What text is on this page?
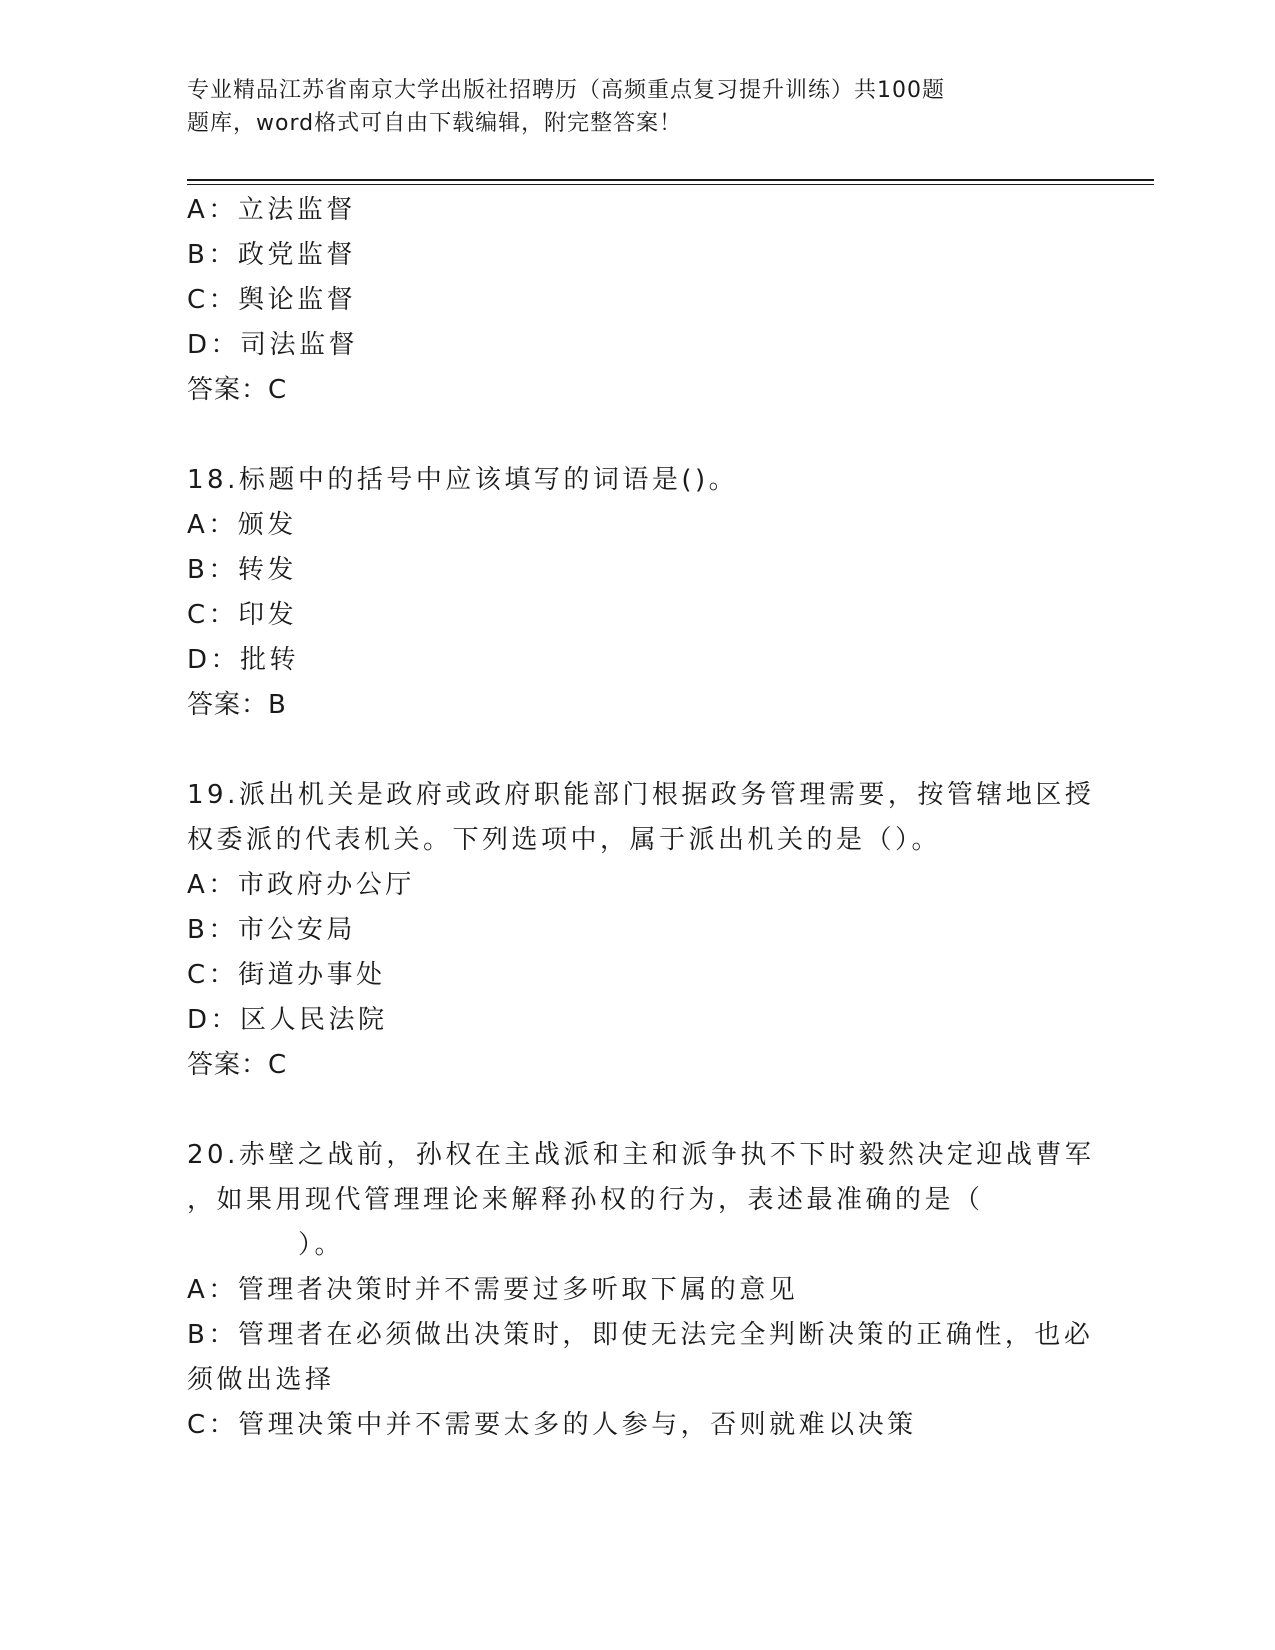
专业精品江苏省南京大学出版社招聘历（高频重点复习提升训练）共100题
题库，word格式可自由下载编辑，附完整答案！
A：立法监督
B：政党监督
C：舆论监督
D：司法监督
答案：C
18.标题中的括号中应该填写的词语是()。
A：颁发
B：转发
C：印发
D：批转
答案：B
19.派出机关是政府或政府职能部门根据政务管理需要，按管辖地区授
权委派的代表机关。下列选项中，属于派出机关的是（）。
A：市政府办公厅
B：市公安局
C：街道办事处
D：区人民法院
答案：C
20.赤壁之战前，孙权在主战派和主和派争执不下时毅然决定迎战曹军
，如果用现代管理理论来解释孙权的行为，表述最准确的是（
）。
A：管理者决策时并不需要过多听取下属的意见
B：管理者在必须做出决策时，即使无法完全判断决策的正确性，也必
须做出选择
C：管理决策中并不需要太多的人参与，否则就难以决策
